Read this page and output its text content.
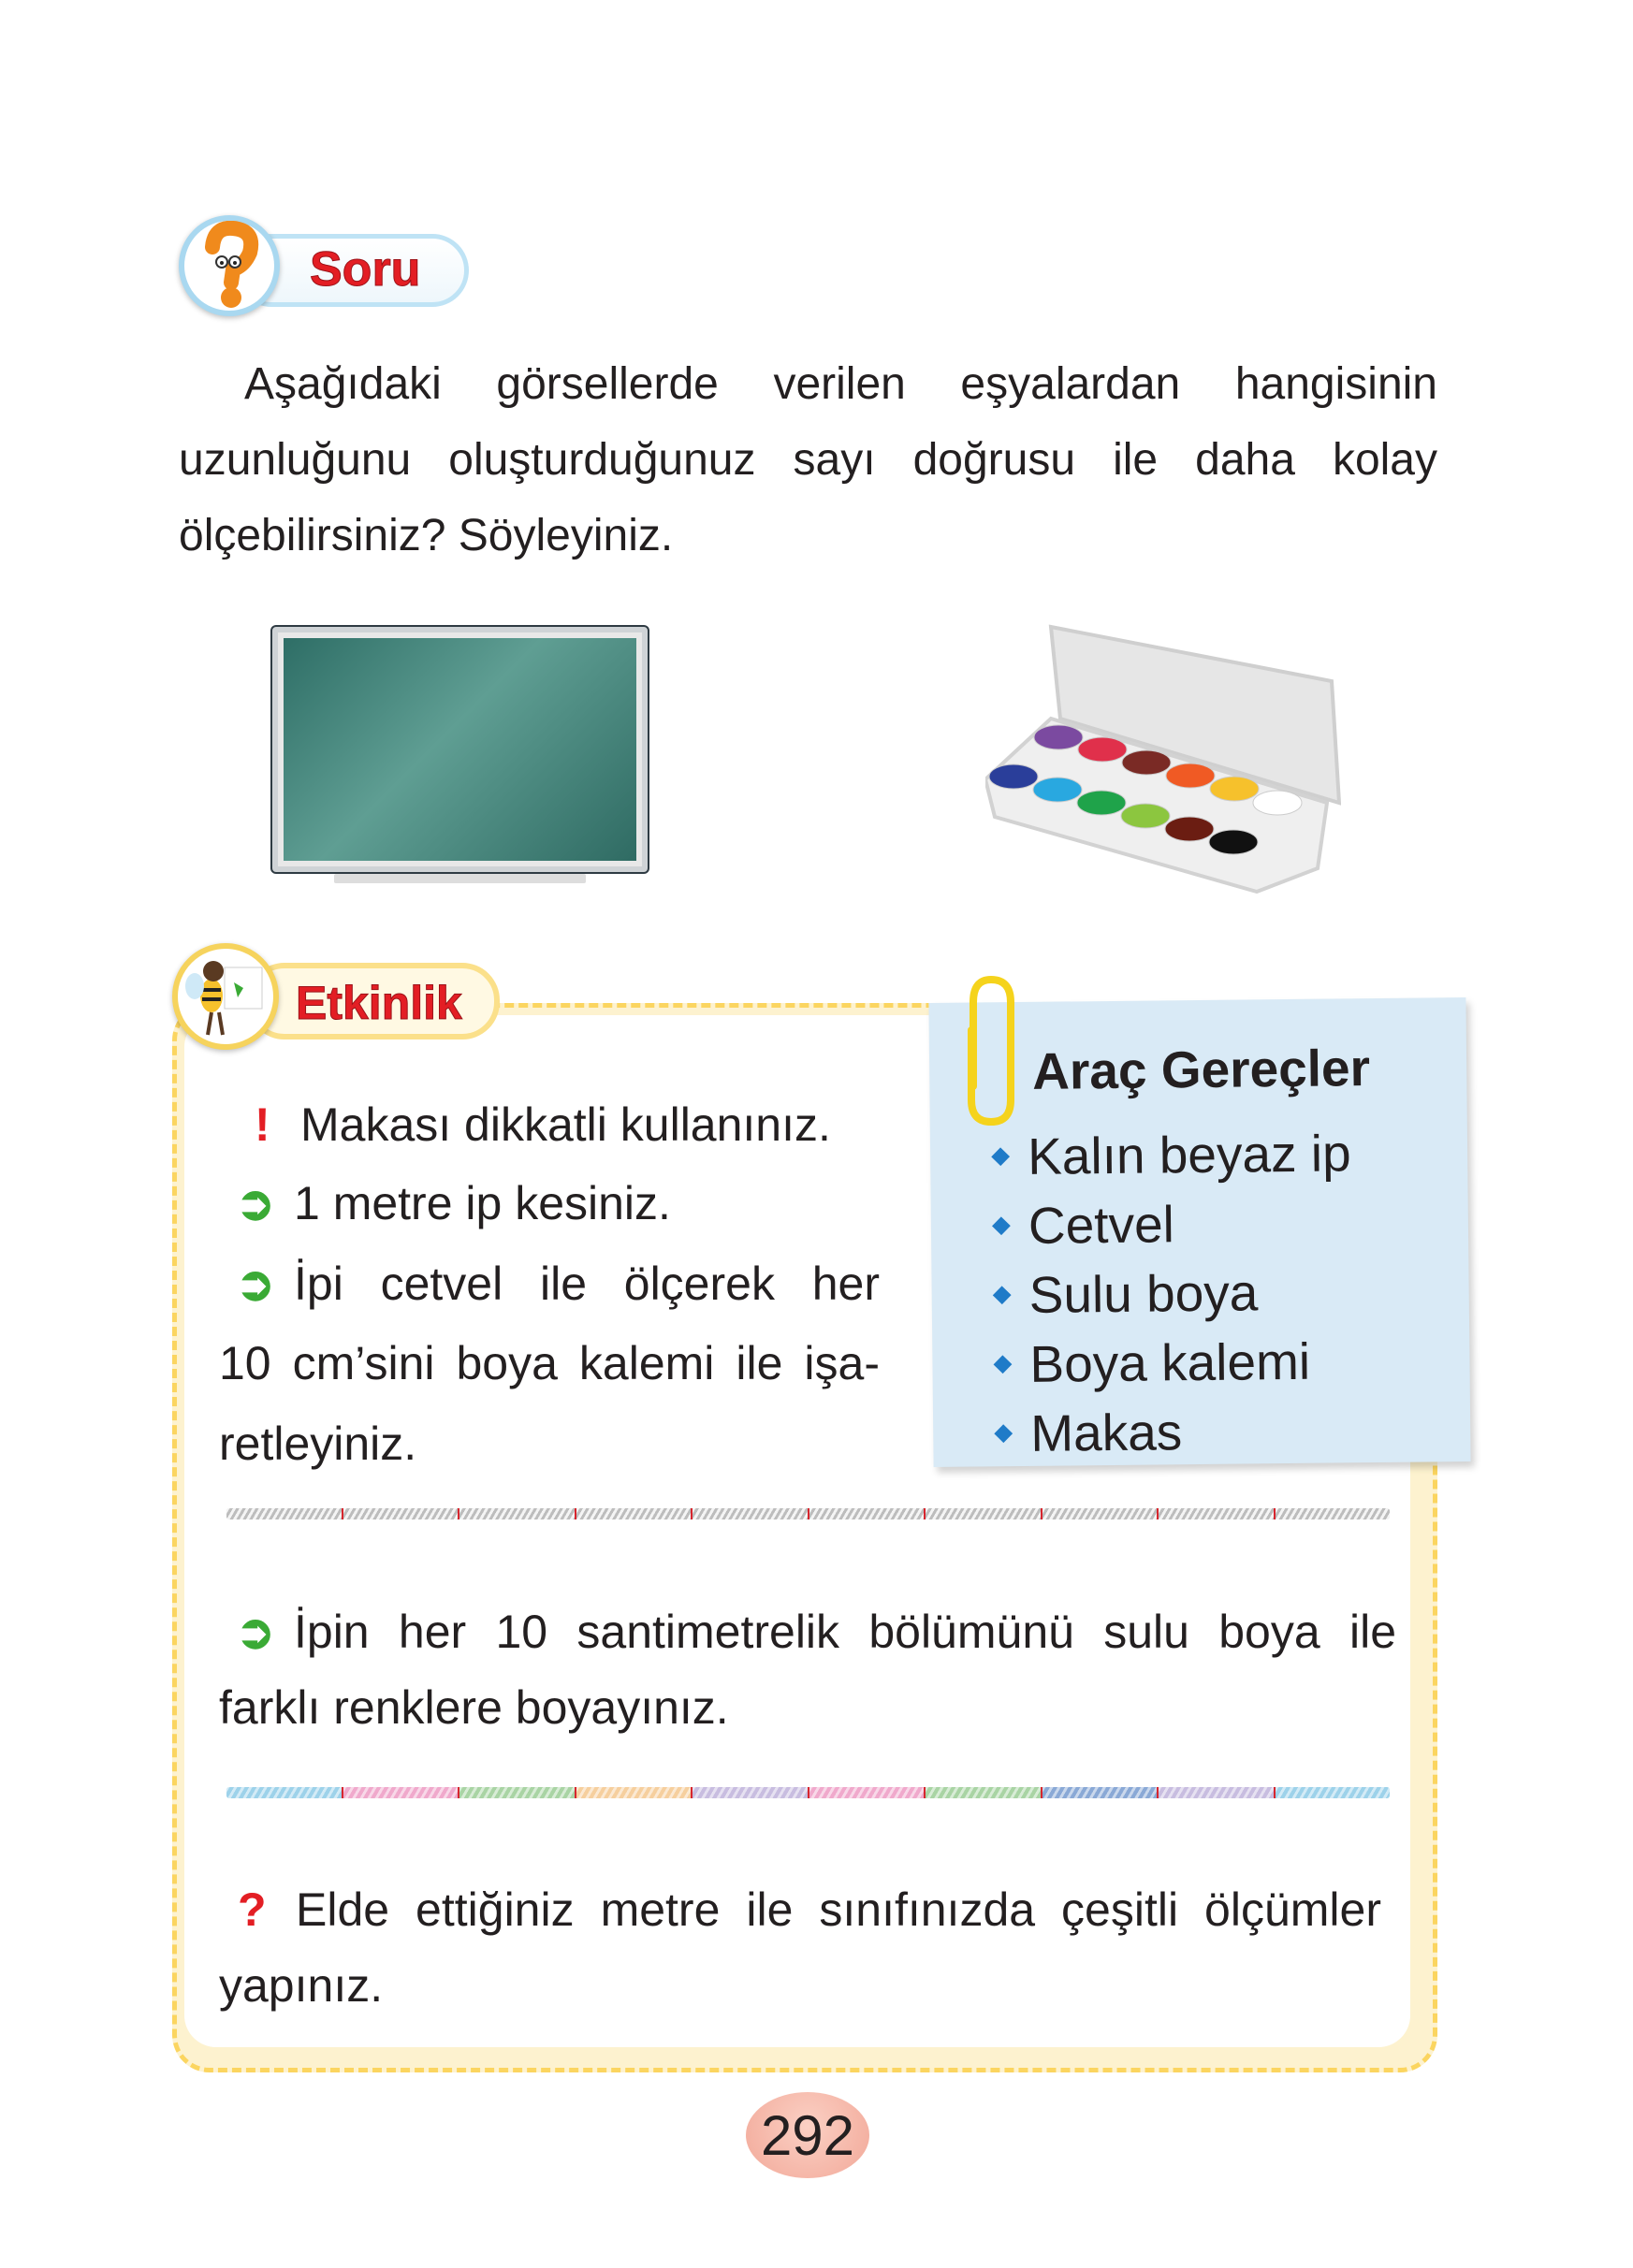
Soru
Aşağıdaki görsellerde verilen eşyalardan hangisinin uzunluğunu oluşturduğunuz sayı doğrusu ile daha kolay ölçebilirsiniz? Söyleyiniz.
Etkinlik
! Makası dikkatli kullanınız.
➲ 1 metre ip kesiniz.
➲ İpi cetvel ile ölçerek her
10 cm’sini boya kalemi ile işa-
retleyiniz.
➲ İpin her 10 santimetrelik bölümünü sulu boya ile
farklı renklere boyayınız.
? Elde ettiğiniz metre ile sınıfınızda çeşitli ölçümler
yapınız.
Araç Gereçler
Kalın beyaz ip
Cetvel
Sulu boya
Boya kalemi
Makas
292
